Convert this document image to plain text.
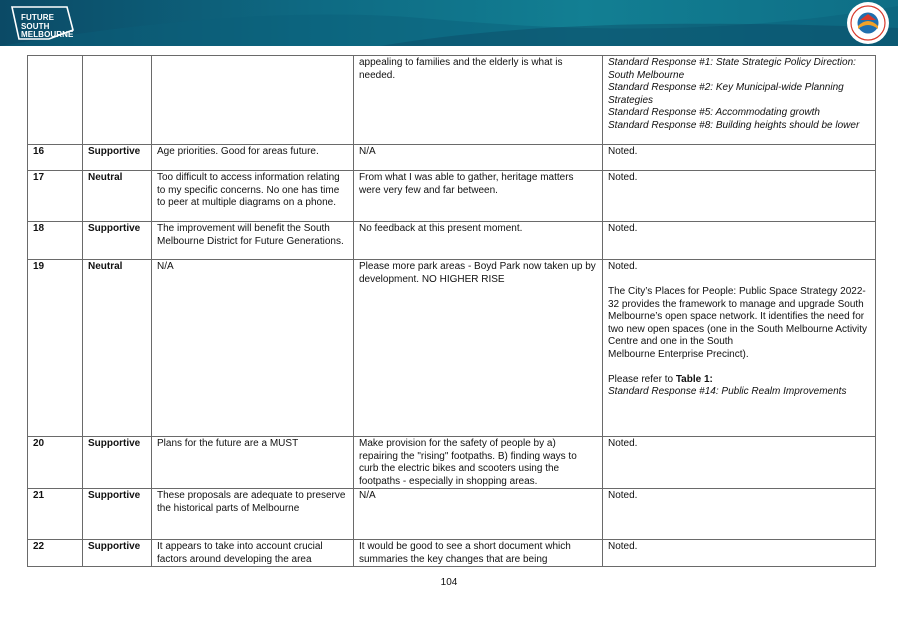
FUTURE
SOUTH
MELBOURNE
			appealing to families and the elderly is what is needed.	Standard Response #1: State Strategic Policy Direction: South Melbourne
Standard Response #2: Key Municipal-wide Planning Strategies
Standard Response #5: Accommodating growth
Standard Response #8: Building heights should be lower

16	Supportive	Age priorities. Good for areas future.	N/A	Noted.
17	Neutral	Too difficult to access information relating to my specific concerns. No one has time to peer at multiple diagrams on a phone.	From what I was able to gather, heritage matters were very few and far between.	Noted.
18	Supportive	The improvement will benefit the South Melbourne District for Future Generations.	No feedback at this present moment.	Noted.
19	Neutral	N/A	Please more park areas - Boyd Park now taken up by development. NO HIGHER RISE	Noted.
The City’s Places for People: Public Space Strategy 2022-32 provides the framework to manage and upgrade South Melbourne’s open space network. It identifies the need for two new open spaces (one in the South Melbourne Activity Centre and one in the South
Melbourne Enterprise Precinct).
Please refer to Table 1:
Standard Response #14: Public Realm Improvements

20	Supportive	Plans for the future are a MUST	Make provision for the safety of people by a) repairing the "rising" footpaths. B) finding ways to curb the electric bikes and scooters using the footpaths - especially in shopping areas.	Noted.
21	Supportive	These proposals are adequate to preserve the historical parts of Melbourne	N/A	Noted.
22	Supportive	It appears to take into account crucial factors around developing the area	It would be good to see a short document which summaries the key changes that are being	Noted.
104
